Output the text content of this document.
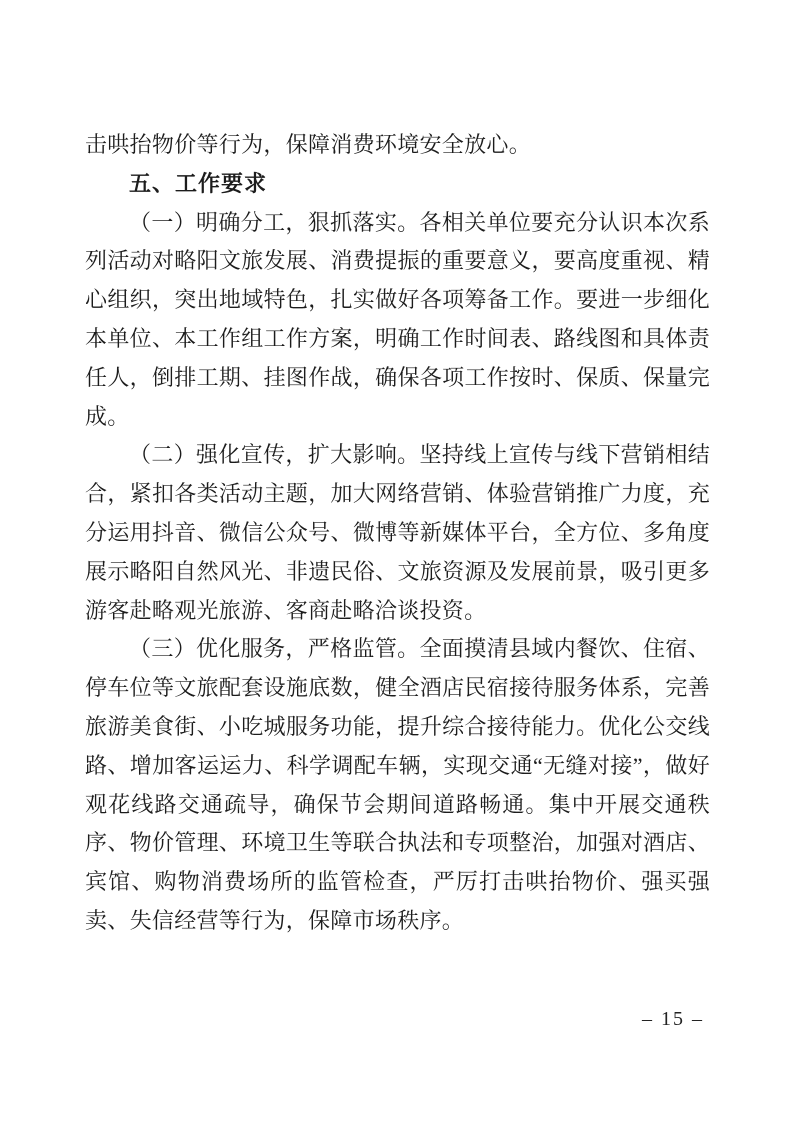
击哄抬物价等行为，保障消费环境安全放心。

五、工作要求

（一）明确分工，狠抓落实。各相关单位要充分认识本次系列活动对略阳文旅发展、消费提振的重要意义，要高度重视、精心组织，突出地域特色，扎实做好各项筹备工作。要进一步细化本单位、本工作组工作方案，明确工作时间表、路线图和具体责任人，倒排工期、挂图作战，确保各项工作按时、保质、保量完成。

（二）强化宣传，扩大影响。坚持线上宣传与线下营销相结合，紧扣各类活动主题，加大网络营销、体验营销推广力度，充分运用抖音、微信公众号、微博等新媒体平台，全方位、多角度展示略阳自然风光、非遗民俗、文旅资源及发展前景，吸引更多游客赴略观光旅游、客商赴略洽谈投资。

（三）优化服务，严格监管。全面摸清县域内餐饮、住宿、停车位等文旅配套设施底数，健全酒店民宿接待服务体系，完善旅游美食街、小吃城服务功能，提升综合接待能力。优化公交线路、增加客运运力、科学调配车辆，实现交通“无缝对接”，做好观花线路交通疏导，确保节会期间道路畅通。集中开展交通秩序、物价管理、环境卫生等联合执法和专项整治，加强对酒店、宾馆、购物消费场所的监管检查，严厉打击哄抬物价、强买强卖、失信经营等行为，保障市场秩序。

– 15 –
